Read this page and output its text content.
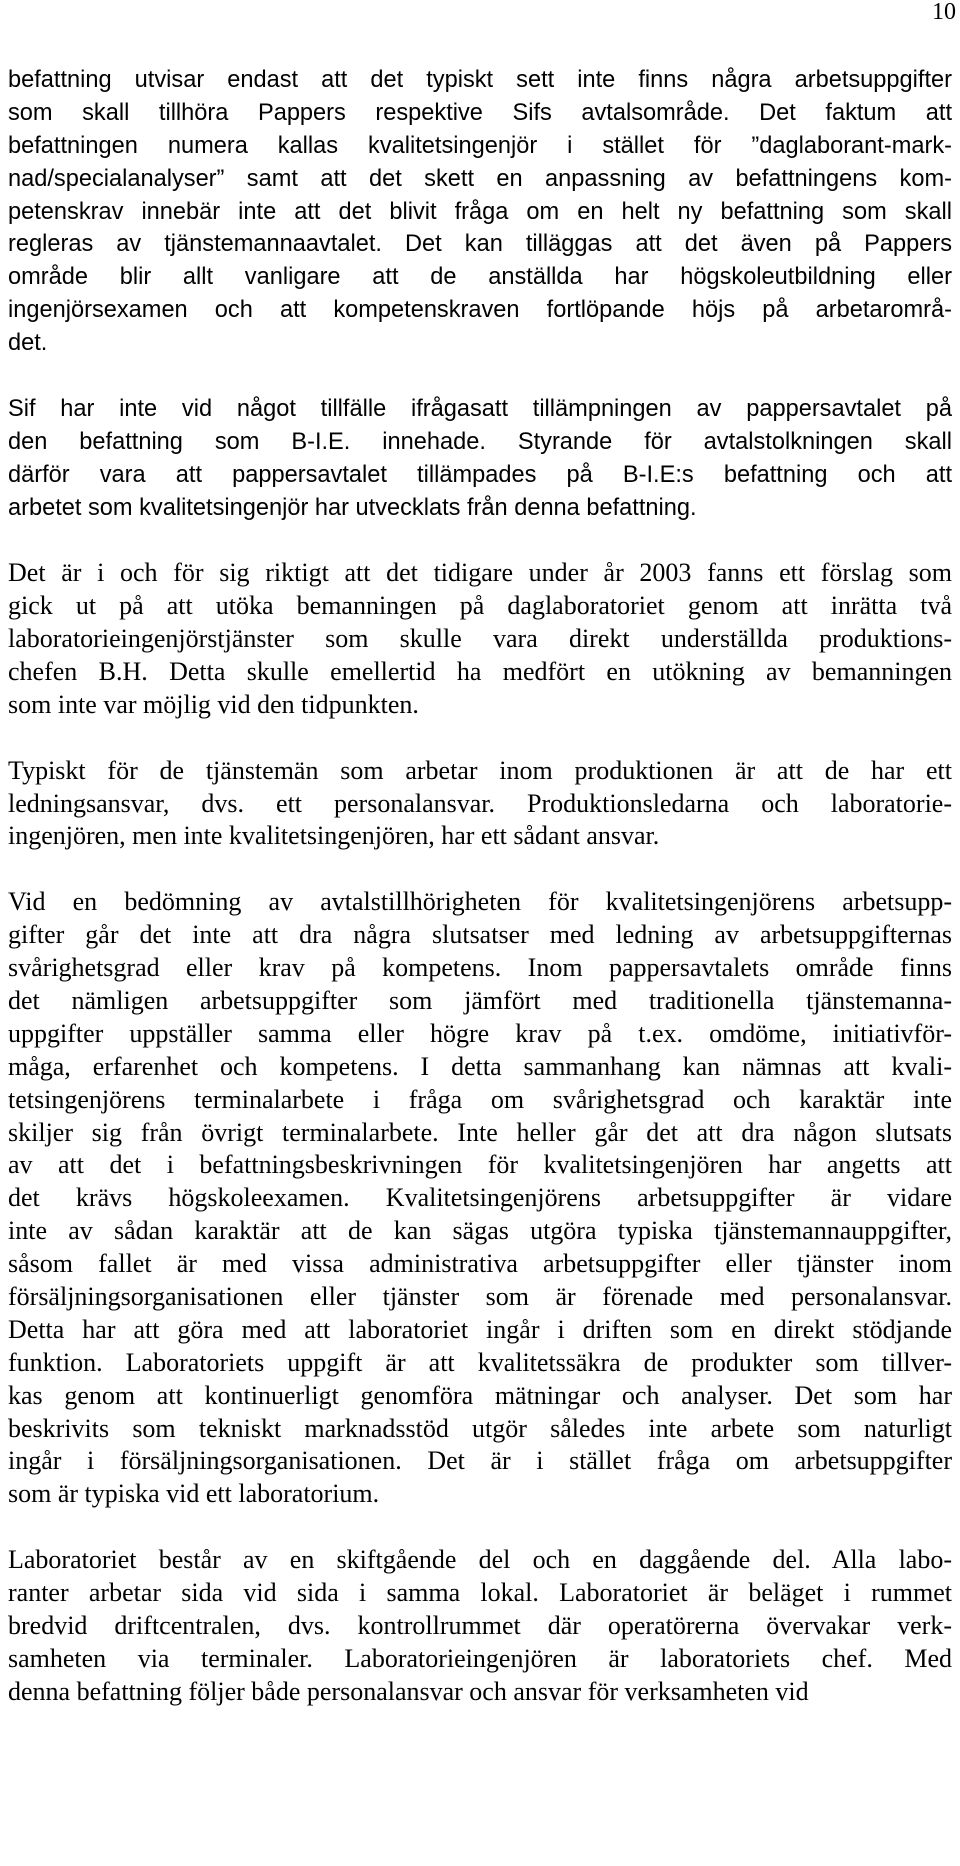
10
befattning utvisar endast att det typiskt sett inte finns några arbetsuppgifter
som skall tillhöra Pappers respektive Sifs avtalsområde. Det faktum att
befattningen numera kallas kvalitetsingenjör i stället för ”daglaborant-mark-
nad/specialanalyser” samt att det skett en anpassning av befattningens kom-
petenskrav innebär inte att det blivit fråga om en helt ny befattning som skall
regleras av tjänstemannaavtalet. Det kan tilläggas att det även på Pappers
område blir allt vanligare att de anställda har högskoleutbildning eller
ingenjörsexamen och att kompetenskraven fortlöpande höjs på arbetarområ-
det.
Sif har inte vid något tillfälle ifrågasatt tillämpningen av pappersavtalet på
den befattning som B-I.E. innehade. Styrande för avtalstolkningen skall
därför vara att pappersavtalet tillämpades på B-I.E:s befattning och att
arbetet som kvalitetsingenjör har utvecklats från denna befattning.
Det är i och för sig riktigt att det tidigare under år 2003 fanns ett förslag som
gick ut på att utöka bemanningen på daglaboratoriet genom att inrätta två
laboratorieingenjörstjänster som skulle vara direkt underställda produktions-
chefen B.H. Detta skulle emellertid ha medfört en utökning av bemanningen
som inte var möjlig vid den tidpunkten.
Typiskt för de tjänstemän som arbetar inom produktionen är att de har ett
ledningsansvar, dvs. ett personalansvar. Produktionsledarna och laboratorie-
ingenjören, men inte kvalitetsingenjören, har ett sådant ansvar.
Vid en bedömning av avtalstillhörigheten för kvalitetsingenjörens arbetsupp-
gifter går det inte att dra några slutsatser med ledning av arbetsuppgifternas
svårighetsgrad eller krav på kompetens. Inom pappersavtalets område finns
det nämligen arbetsuppgifter som jämfört med traditionella tjänstemanna-
uppgifter uppställer samma eller högre krav på t.ex. omdöme, initiativför-
måga, erfarenhet och kompetens. I detta sammanhang kan nämnas att kvali-
tetsingenjörens terminalarbete i fråga om svårighetsgrad och karaktär inte
skiljer sig från övrigt terminalarbete. Inte heller går det att dra någon slutsats
av att det i befattningsbeskrivningen för kvalitetsingenjören har angetts att
det krävs högskoleexamen. Kvalitetsingenjörens arbetsuppgifter är vidare
inte av sådan karaktär att de kan sägas utgöra typiska tjänstemannauppgifter,
såsom fallet är med vissa administrativa arbetsuppgifter eller tjänster inom
försäljningsorganisationen eller tjänster som är förenade med personalansvar.
Detta har att göra med att laboratoriet ingår i driften som en direkt stödjande
funktion. Laboratoriets uppgift är att kvalitetssäkra de produkter som tillver-
kas genom att kontinuerligt genomföra mätningar och analyser. Det som har
beskrivits som tekniskt marknadsstöd utgör således inte arbete som naturligt
ingår i försäljningsorganisationen. Det är i stället fråga om arbetsuppgifter
som är typiska vid ett laboratorium.
Laboratoriet består av en skiftgående del och en daggående del. Alla labo-
ranter arbetar sida vid sida i samma lokal. Laboratoriet är beläget i rummet
bredvid driftcentralen, dvs. kontrollrummet där operatörerna övervakar verk-
samheten via terminaler. Laboratorieingenjören är laboratoriets chef. Med
denna befattning följer både personalansvar och ansvar för verksamheten vid
